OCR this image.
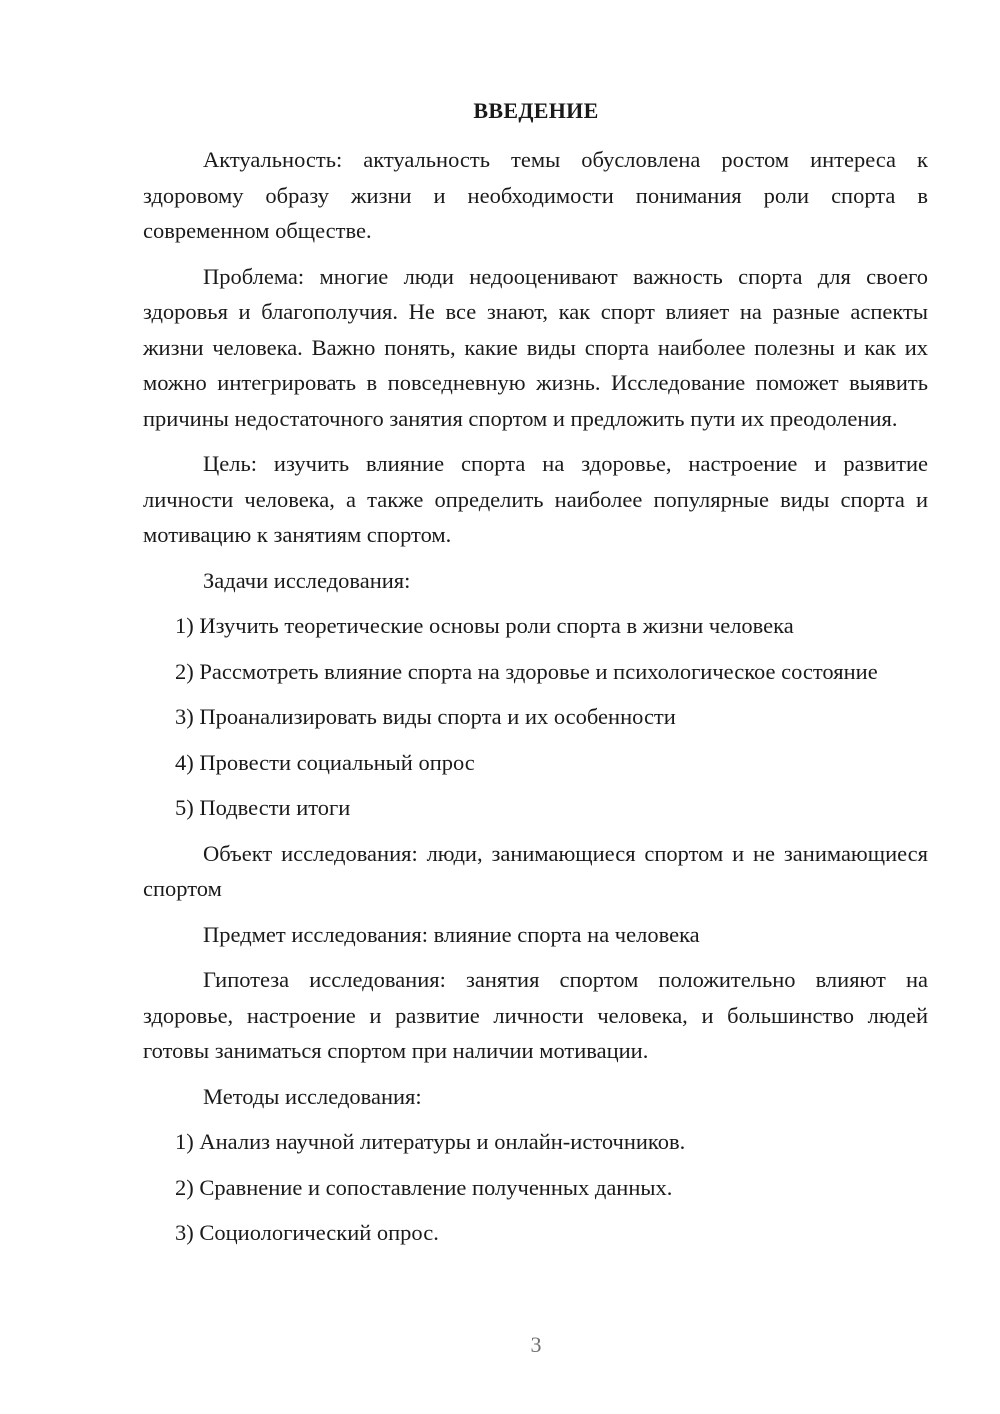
ВВЕДЕНИЕ

Актуальность: актуальность темы обусловлена ростом интереса к здоровому образу жизни и необходимости понимания роли спорта в современном обществе.

Проблема: многие люди недооценивают важность спорта для своего здоровья и благополучия. Не все знают, как спорт влияет на разные аспекты жизни человека. Важно понять, какие виды спорта наиболее полезны и как их можно интегрировать в повседневную жизнь. Исследование поможет выявить причины недостаточного занятия спортом и предложить пути их преодоления.

Цель: изучить влияние спорта на здоровье, настроение и развитие личности человека, а также определить наиболее популярные виды спорта и мотивацию к занятиям спортом.

Задачи исследования:

1) Изучить теоретические основы роли спорта в жизни человека

2) Рассмотреть влияние спорта на здоровье и психологическое состояние

3) Проанализировать виды спорта и их особенности

4) Провести социальный опрос

5) Подвести итоги

Объект исследования: люди, занимающиеся спортом и не занимающиеся спортом

Предмет исследования: влияние спорта на человека

Гипотеза исследования: занятия спортом положительно влияют на здоровье, настроение и развитие личности человека, и большинство людей готовы заниматься спортом при наличии мотивации.

Методы исследования:

1) Анализ научной литературы и онлайн-источников.

2) Сравнение и сопоставление полученных данных.

3) Социологический опрос.

3
